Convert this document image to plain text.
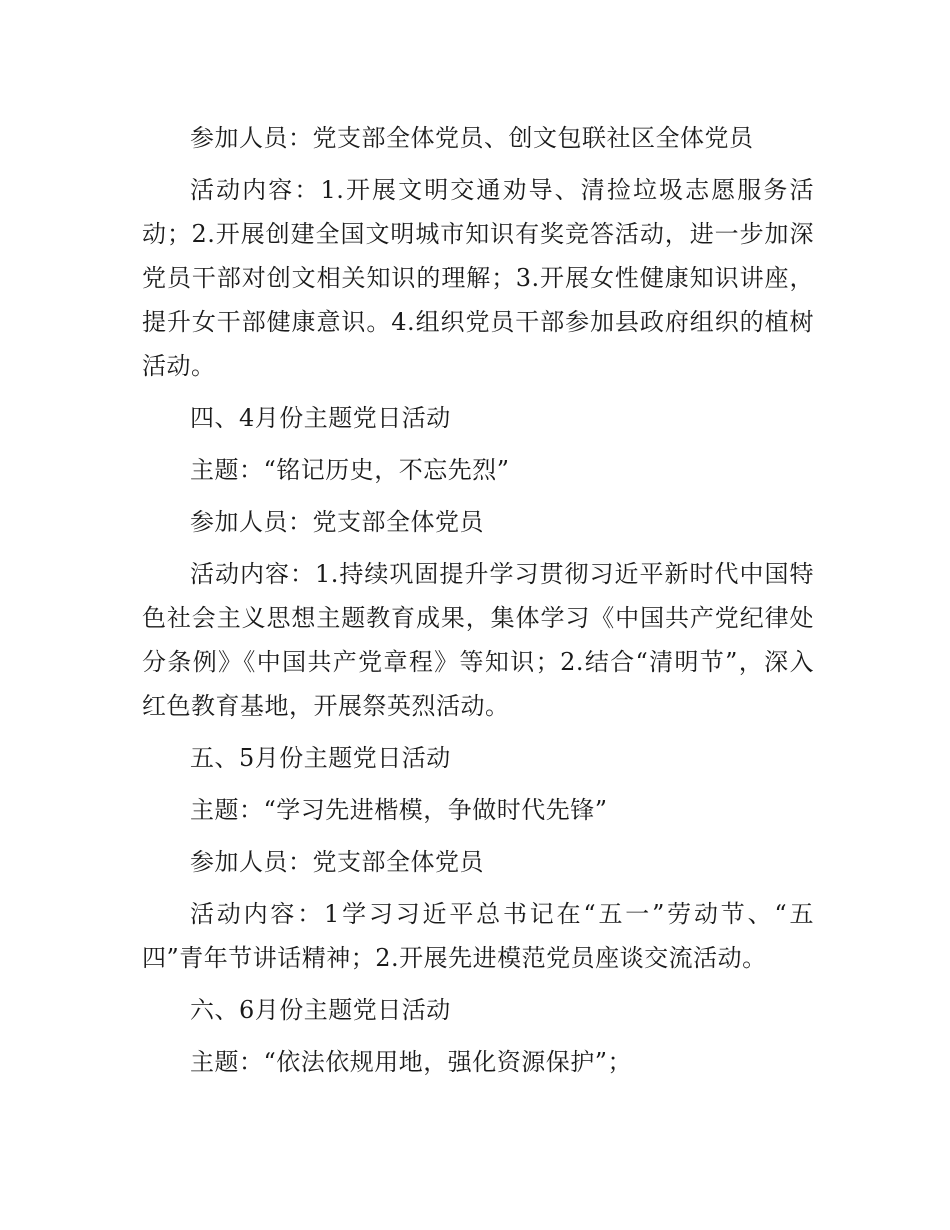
参加人员：党支部全体党员、创文包联社区全体党员

活动内容：1.开展文明交通劝导、清捡垃圾志愿服务活动；2.开展创建全国文明城市知识有奖竞答活动，进一步加深党员干部对创文相关知识的理解；3.开展女性健康知识讲座，提升女干部健康意识。4.组织党员干部参加县政府组织的植树活动。

四、4月份主题党日活动

主题：“铭记历史，不忘先烈”

参加人员：党支部全体党员

活动内容：1.持续巩固提升学习贯彻习近平新时代中国特色社会主义思想主题教育成果，集体学习《中国共产党纪律处分条例》《中国共产党章程》等知识；2.结合“清明节”，深入红色教育基地，开展祭英烈活动。

五、5月份主题党日活动

主题：“学习先进楷模，争做时代先锋”

参加人员：党支部全体党员

活动内容：1学习习近平总书记在“五一”劳动节、“五四”青年节讲话精神；2.开展先进模范党员座谈交流活动。

六、6月份主题党日活动

主题：“依法依规用地，强化资源保护”；
